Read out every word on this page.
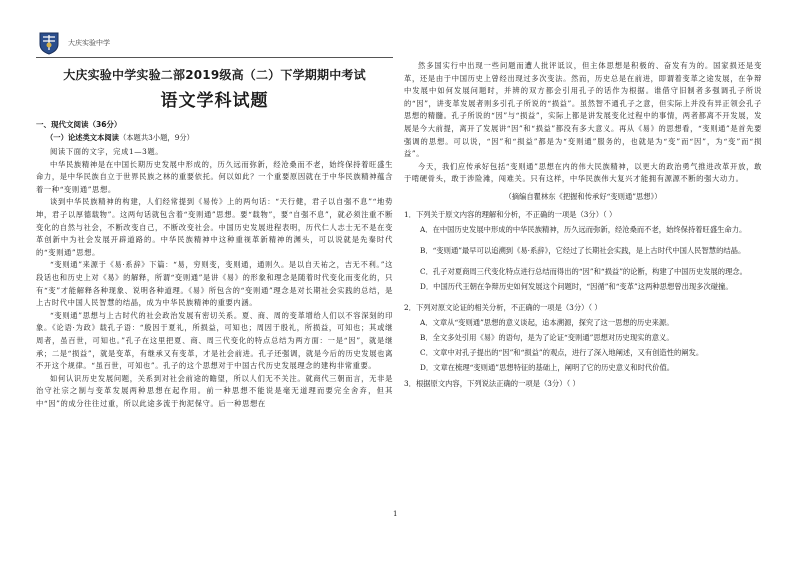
大庆实验中学
大庆实验中学实验二部2019级高（二）下学期期中考试
语文学科试题
一、现代文阅读（36分）
（一）论述类文本阅读（本题共3小题，9分）

阅读下面的文字，完成1—3题。

中华民族精神是在中国长期历史发展中形成的，历久远而弥新，经沧桑而不老，始终保持着旺盛生命力，是中华民族自立于世界民族之林的重要依托。何以如此？一个重要原因就在于中华民族精神蕴含着一种“变则通”思想。

谈到中华民族精神的构建，人们经常提到《易传》上的两句话：“天行健，君子以自强不息”“地势坤，君子以厚德载物”。这两句话就包含着“变则通”思想。要“载物”，要“自强不息”，就必须注重不断变化的自然与社会，不断改变自己，不断改变社会。中国历史发展进程表明，历代仁人志士无不是在变革创新中为社会发展开辟道路的。中华民族精神中这种重视革新精神的渊头，可以说就是先秦时代的“变则通”思想。

“变则通”来源于《易·系辞》下篇：“易，穷则变，变则通，通则久。是以自天祐之，吉无不利。”这段话也和历史上对《易》的解释，所谓“变则通”是讲《易》的形象和理念是随着时代变化而变化的，只有“变”才能解释各种现象、说明各种道理。《易》所包含的“变则通”理念是对长期社会实践的总结，是上古时代中国人民智慧的结晶，成为中华民族精神的重要内涵。

“变则通”思想与上古时代的社会政治发展有密切关系。夏、商、周的变革增给人们以不容深刻的印象。《论语·为政》载孔子语：“殷因于夏礼，所损益，可知也；周因于殷礼，所损益，可知也；其或继周者，虽百世，可知也。”孔子在这里把夏、商、周三代变化的特点总结为两方面：一是“因”，就是继承；二是“损益”，就是变革，有继承又有变革，才是社会前进。孔子还强调，就是今后的历史发展也离不开这个规律。“虽百世，可知也”。孔子的这个思想对于中国古代历史发展理念的建构非常重要。

如何认识历史发展问题，关系到对社会前途的瞻望，所以人们无不关注。就商代三朝而言，无非是治守社宗之制与变革发展两种思想在起作用。前一种思想不能说是毫无道理而要完全舍弃，但其中“因”的成分往往过重，所以此途多流于拘泥保守。后一种思想在

然多国实行中出现一些问题而遭人批评诋议，但主体思想是积极的、奋发有为的。国家损还是变革，还是由于中国历史上曾经出现过多次变法。然而，历史总是在前进，即谓着变革之途发展，在争辩中发展中如何发展问题时，并辨的双方都会引用孔子的话作为根据。谁借守旧制者多强调孔子所说的“因”，讲变革发展者则多引孔子所说的“损益”。虽然智不通孔子之意，但实际上并没有异正领会孔子思想的精髓。孔子所说的“因”与“损益”，实际上都是讲发展变化过程中的事情，两者都离不开发展，发展是今大前提，离开了发展讲“因”和“损益”都没有多大意义。再从《易》的思想看，“变则通”是首先要强调的思想。可以说，“因”和“损益”都是为“变则通”服务的，也就是为“变”而“因”，为“变”而“损益”。

今天，我们应传承好包括“变则通”思想在内的伟大民族精神，以更大的政治勇气推进改革开放，敢于啃硬骨头，敢于涉险滩，闯难关。只有这样，中华民族伟大复兴才能拥有源源不断的强大动力。

（摘编自瞿林东《把握和传承好“变则通”思想》）
1．下列关于原文内容的理解和分析，不正确的一项是（3分）（ ）
A．在中国历史发展中形成的中华民族精神，历久远而弥新，经沧桑而不老，始终保持着旺盛生命力。
B．“变则通”最早可以追溯到《易·系辞》，它经过了长期社会实践，是上古时代中国人民智慧的结晶。
C．孔子对夏商周三代变化特点进行总结而得出的“因”和“损益”的论断，构建了中国历史发展的理念。
D．中国历代王朝在争辩历史如何发展这个问题时，“因循”和“变革”这两种思想曾出现多次碰撞。
2．下列对原文论证的相关分析，不正确的一项是（3分）（ ）
A．文章从“变则通”思想的意义谈起，追本溯源，探究了这一思想的历史来源。
B．全文多处引用《易》的语句，是为了论证“变则通”思想对历史现实的意义。
C．文章中对孔子提出的“因”和“损益”的观点，进行了深入地阐述，又有创造性的阐发。
D．文章在梳理“变则通”思想特征的基础上，阐明了它的历史意义和时代价值。
3．根据原文内容，下列说法正确的一项是（3分）（ ）
1
